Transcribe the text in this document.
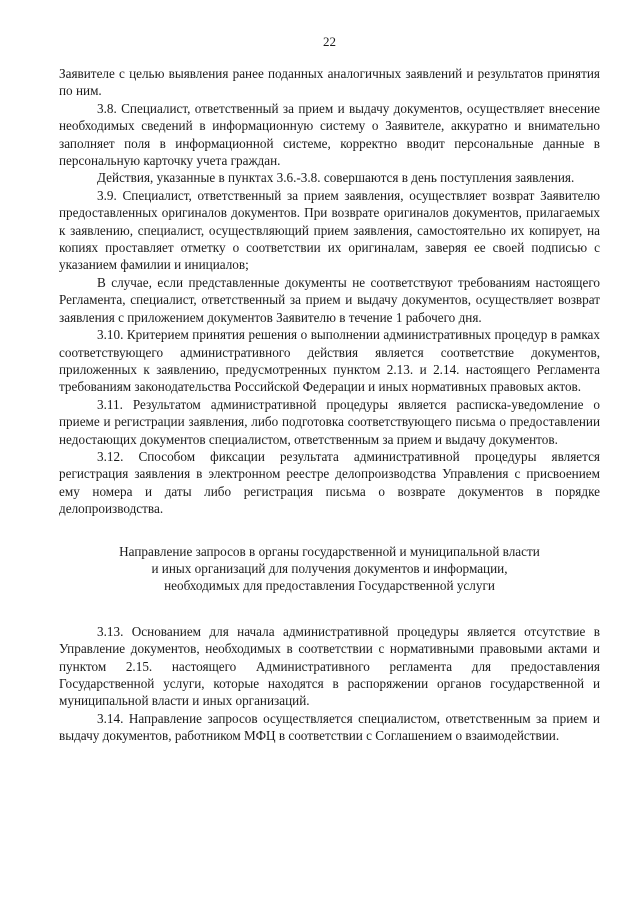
22

Заявителе с целью выявления ранее поданных аналогичных заявлений и результатов принятия по ним.

3.8. Специалист, ответственный за прием и выдачу документов, осуществляет внесение необходимых сведений в информационную систему о Заявителе, аккуратно и внимательно заполняет поля в информационной системе, корректно вводит персональные данные в персональную карточку учета граждан.

Действия, указанные в пунктах 3.6.-3.8. совершаются в день поступления заявления.

3.9. Специалист, ответственный за прием заявления, осуществляет возврат Заявителю предоставленных оригиналов документов. При возврате оригиналов документов, прилагаемых к заявлению, специалист, осуществляющий прием заявления, самостоятельно их копирует, на копиях проставляет отметку о соответствии их оригиналам, заверяя ее своей подписью с указанием фамилии и инициалов;

В случае, если представленные документы не соответствуют требованиям настоящего Регламента, специалист, ответственный за прием и выдачу документов, осуществляет возврат заявления с приложением документов Заявителю в течение 1 рабочего дня.

3.10. Критерием принятия решения о выполнении административных процедур в рамках соответствующего административного действия является соответствие документов, приложенных к заявлению, предусмотренных пунктом 2.13. и 2.14. настоящего Регламента требованиям законодательства Российской Федерации и иных нормативных правовых актов.

3.11. Результатом административной процедуры является расписка-уведомление о приеме и регистрации заявления, либо подготовка соответствующего письма о предоставлении недостающих документов специалистом, ответственным за прием и выдачу документов.

3.12. Способом фиксации результата административной процедуры является регистрация заявления в электронном реестре делопроизводства Управления с присвоением ему номера и даты либо регистрация письма о возврате документов в порядке делопроизводства.

Направление запросов в органы государственной и муниципальной власти
и иных организаций для получения документов и информации,
необходимых для предоставления Государственной услуги

3.13. Основанием для начала административной процедуры является отсутствие в Управление документов, необходимых в соответствии с нормативными правовыми актами и пунктом 2.15. настоящего Административного регламента для предоставления Государственной услуги, которые находятся в распоряжении органов государственной и муниципальной власти и иных организаций.

3.14. Направление запросов осуществляется специалистом, ответственным за прием и выдачу документов, работником МФЦ в соответствии с Соглашением о взаимодействии.
